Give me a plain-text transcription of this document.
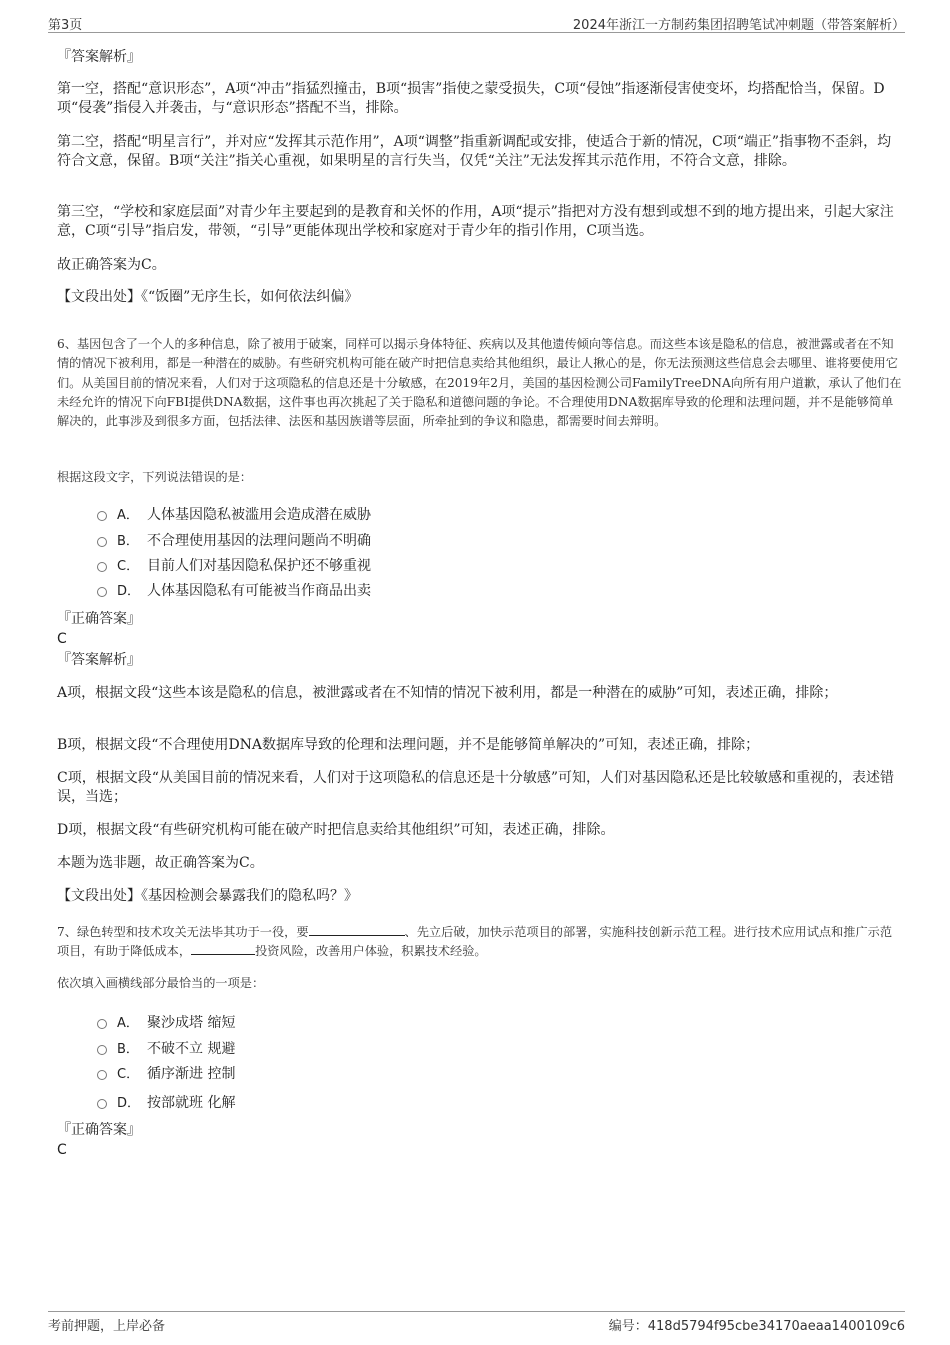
第3页	2024年浙江一方制药集团招聘笔试冲刺题（带答案解析）
『答案解析』
第一空，搭配“意识形态”，A项“冲击”指猛烈撞击，B项“损害”指使之蒙受损失，C项“侵蚀”指逐渐侵害使变坏，均搭配恰当，保留。D项“侵袭”指侵入并袭击，与“意识形态”搭配不当，排除。
第二空，搭配“明星言行”，并对应“发挥其示范作用”，A项“调整”指重新调配或安排，使适合于新的情况，C项“端正”指事物不歪斜，均符合文意，保留。B项“关注”指关心重视，如果明星的言行失当，仅凭“关注”无法发挥其示范作用，不符合文意，排除。
第三空，“学校和家庭层面”对青少年主要起到的是教育和关怀的作用，A项“提示”指把对方没有想到或想不到的地方提出来，引起大家注意，C项“引导”指启发，带领，“引导”更能体现出学校和家庭对于青少年的指引作用，C项当选。
故正确答案为C。
【文段出处】《“饭圈”无序生长，如何依法纠偏》
6、基因包含了一个人的多种信息，除了被用于破案，同样可以揭示身体特征、疾病以及其他遗传倾向等信息。而这些本该是隐私的信息，被泄露或者在不知情的情况下被利用，都是一种潜在的威胁。有些研究机构可能在破产时把信息卖给其他组织，最让人揪心的是，你无法预测这些信息会去哪里、谁将要使用它们。从美国目前的情况来看，人们对于这项隐私的信息还是十分敏感，在2019年2月，美国的基因检测公司FamilyTreeDNA向所有用户道歉，承认了他们在未经允许的情况下向FBI提供DNA数据，这件事也再次挑起了关于隐私和道德问题的争论。不合理使用DNA数据库导致的伦理和法理问题，并不是能够简单解决的，此事涉及到很多方面，包括法律、法医和基因族谱等层面，所牵扯到的争议和隐患，都需要时间去辩明。
根据这段文字，下列说法错误的是：
A． 人体基因隐私被滥用会造成潜在威胁
B． 不合理使用基因的法理问题尚不明确
C． 目前人们对基因隐私保护还不够重视
D． 人体基因隐私有可能被当作商品出卖
『正确答案』
C
『答案解析』
A项，根据文段“这些本该是隐私的信息，被泄露或者在不知情的情况下被利用，都是一种潜在的威胁”可知，表述正确，排除；
B项，根据文段“不合理使用DNA数据库导致的伦理和法理问题，并不是能够简单解决的”可知，表述正确，排除；
C项，根据文段“从美国目前的情况来看，人们对于这项隐私的信息还是十分敏感”可知，人们对基因隐私还是比较敏感和重视的，表述错误，当选；
D项，根据文段“有些研究机构可能在破产时把信息卖给其他组织”可知，表述正确，排除。
本题为选非题，故正确答案为C。
【文段出处】《基因检测会暴露我们的隐私吗？》
7、绿色转型和技术攻关无法毕其功于一役，要	、先立后破，加快示范项目的部署，实施科技创新示范工程。进行技术应用试点和推广示范项目，有助于降低成本，	投资风险，改善用户体验，积累技术经验。
依次填入画横线部分最恰当的一项是：
A． 聚沙成塔 缩短
B． 不破不立 规避
C． 循序渐进 控制
D． 按部就班 化解
『正确答案』
C
考前押题，上岸必备	编号：418d5794f95cbe34170aeaa1400109c6
